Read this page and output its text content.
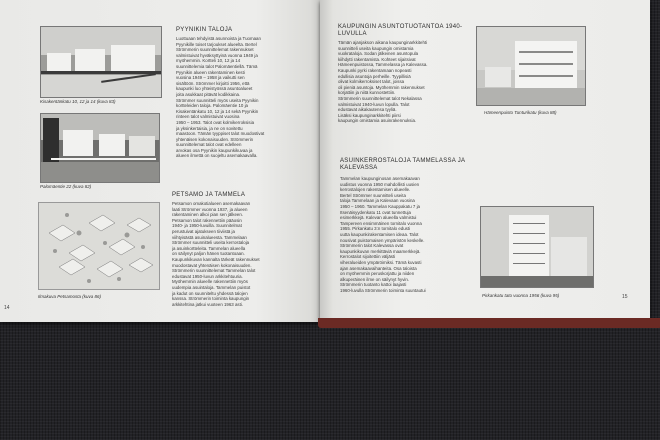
Kisakentänkatu 10, 12 ja 14 (kuva 83)
Palomäentie 22 (kuva 82)
Ilmakuva Petsamosta (kuva 86)
PYYNIKIN TALOJA
Luottuaan tehdyistä asunnoista ja Tuomaan
Pyynikille toiset tarjoukset alueelta. Bertel
Strömmerin suunnittelemat rakennukset
valmistuivat hyväksyttyinä vuonna 1949 ja
myöhemmin. Kortteli 10, 12 ja 14
suunnittelemia talot Palomäentiellä. Tämä
Pyynikin alueen rakentaminen kesti
vuosina 1949 – 1958 ja vaikutti sen
sisältöön. Strömmer kirjoitti 1956, että
kaupunki luo yhteistyössä asuntoalueet
joita asukkaat pitävät kodikkaina.
Strömmer suunnitteli myös useita Pyynikin
kortteleiden taloja. Palomäentie 10 ja
Kisakentänkatu 10, 12 ja 14 sekä Pyynikin
rinteen talot valmistuivat vuosina
1950 – 1953. Talot ovat kolmikerroksisia
ja yksinkertaisia, ja ne on sovitettu
maastoon. Tämän tyyppiset talot muodostivat
yhtenäisen kokonaisuuden. Strömmerin
suunnittelemat talot ovat edelleen
arvokas osa Pyynikin kaupunkikuvaa ja
alueen ilmettä on suojeltu asemakaavalla.
PETSAMO JA TAMMELA
Petsamon omakotialueen asemakaavan
laati Strömmer vuonna 1937, ja alueen
rakentaminen alkoi pian sen jälkeen.
Petsamon talot rakennettiin pääosin
1940- ja 1950-luvuilla. Suunnitelmat
perustuivat ajatukseen tiiviistä ja
viihtyisästä asuinalueesta. Tammelaan
Strömmer suunnitteli useita kerrostaloja
ja asuinkortteleita. Tammelan alueella
on säilynyt paljon hänen tuotantoaan.
Kaupunkikuvan kannalta tärkeät rakennukset
muodostavat yhtenäisen kokonaisuuden.
Strömmerin suunnittelemat Tammelan talot
edustavat 1950-luvun arkkitehtuuria.
Myöhemmin alueelle rakennettiin myös
uudempia asuintaloja. Tammelan puistot
ja kadut on suunniteltu yhdessä talojen
kanssa. Strömmerin toiminta kaupungin
arkkitehtina jatkui vuoteen 1963 asti.
14
KAUPUNGIN ASUNTOTUOTANTOA 1940-LUVULLA
Tämän ajanjakson aikana kaupunginarkkitehti
suunnitteli useita kaupungin omistamia
vuokrataloja. Sodan jälkeinen asuntopula
kiihdytti rakentamista. Kohteet sijaitsivat
Hämeenpuistossa, Tammelassa ja Kalevassa.
Kaupunki pyrki rakentamaan nopeasti
edullisia asuntoja perheille. Tyypillisiä
olivat kolmikerroksiset talot, joissa
oli pieniä asuntoja. Myöhemmin rakennukset
korjattiin ja niitä kunnostettiin.
Strömmerin suunnittelemat talot Nekalassa
valmistuivat 1940-luvun lopulla. Talot
edustavat aikakautensa tyyliä.
Lisäksi kaupunginarkkitehti piirsi
kaupungin omistamia asuinrakennuksia.
ASUINKERROSTALOJA TAMMELASSA JA KALEVASSA
Tammelan kaupunginosan asemakaavan
uudistus vuonna 1950 mahdollisti uusien
kerrostalojen rakentamisen alueelle.
Bertel Strömmer suunnitteli useita
taloja Tammelaan ja Kalevaan vuosina
1950 – 1960. Tammelan Kauppakatu 7 ja
Itsenäisyydenkatu 11 ovat tunnettuja
esimerkkejä. Kalevan alueella valmistui
Tampereen ensimmäinen tornitalo vuonna
1955. Pirkankatu 3:n tornitalo edusti
uutta kaupunkirakentamisen ideaa. Talot
nousivat puistomaisen ympäristön keskelle.
Strömmerin talot Kalevassa ovat
kaupunkikuvan merkittäviä maamerkkejä.
Kerrostalot sijoitettiin väljästi
viheralueiden ympäröimiksi. Tämä kuvasti
ajan asemakaavaihanteita. Osa taloista
on myöhemmin peruskorjattu ja niiden
alkuperäinen ilme on säilynyt hyvin.
Strömmerin tuotanto kattoi laajasti
1960-luvulla Strömmerin toiminta suuntautui
Hämeenpuisto Tunturikatu (kuva 88)
Pirkankatu tato vuonna 1956 (kuva 95)	15
